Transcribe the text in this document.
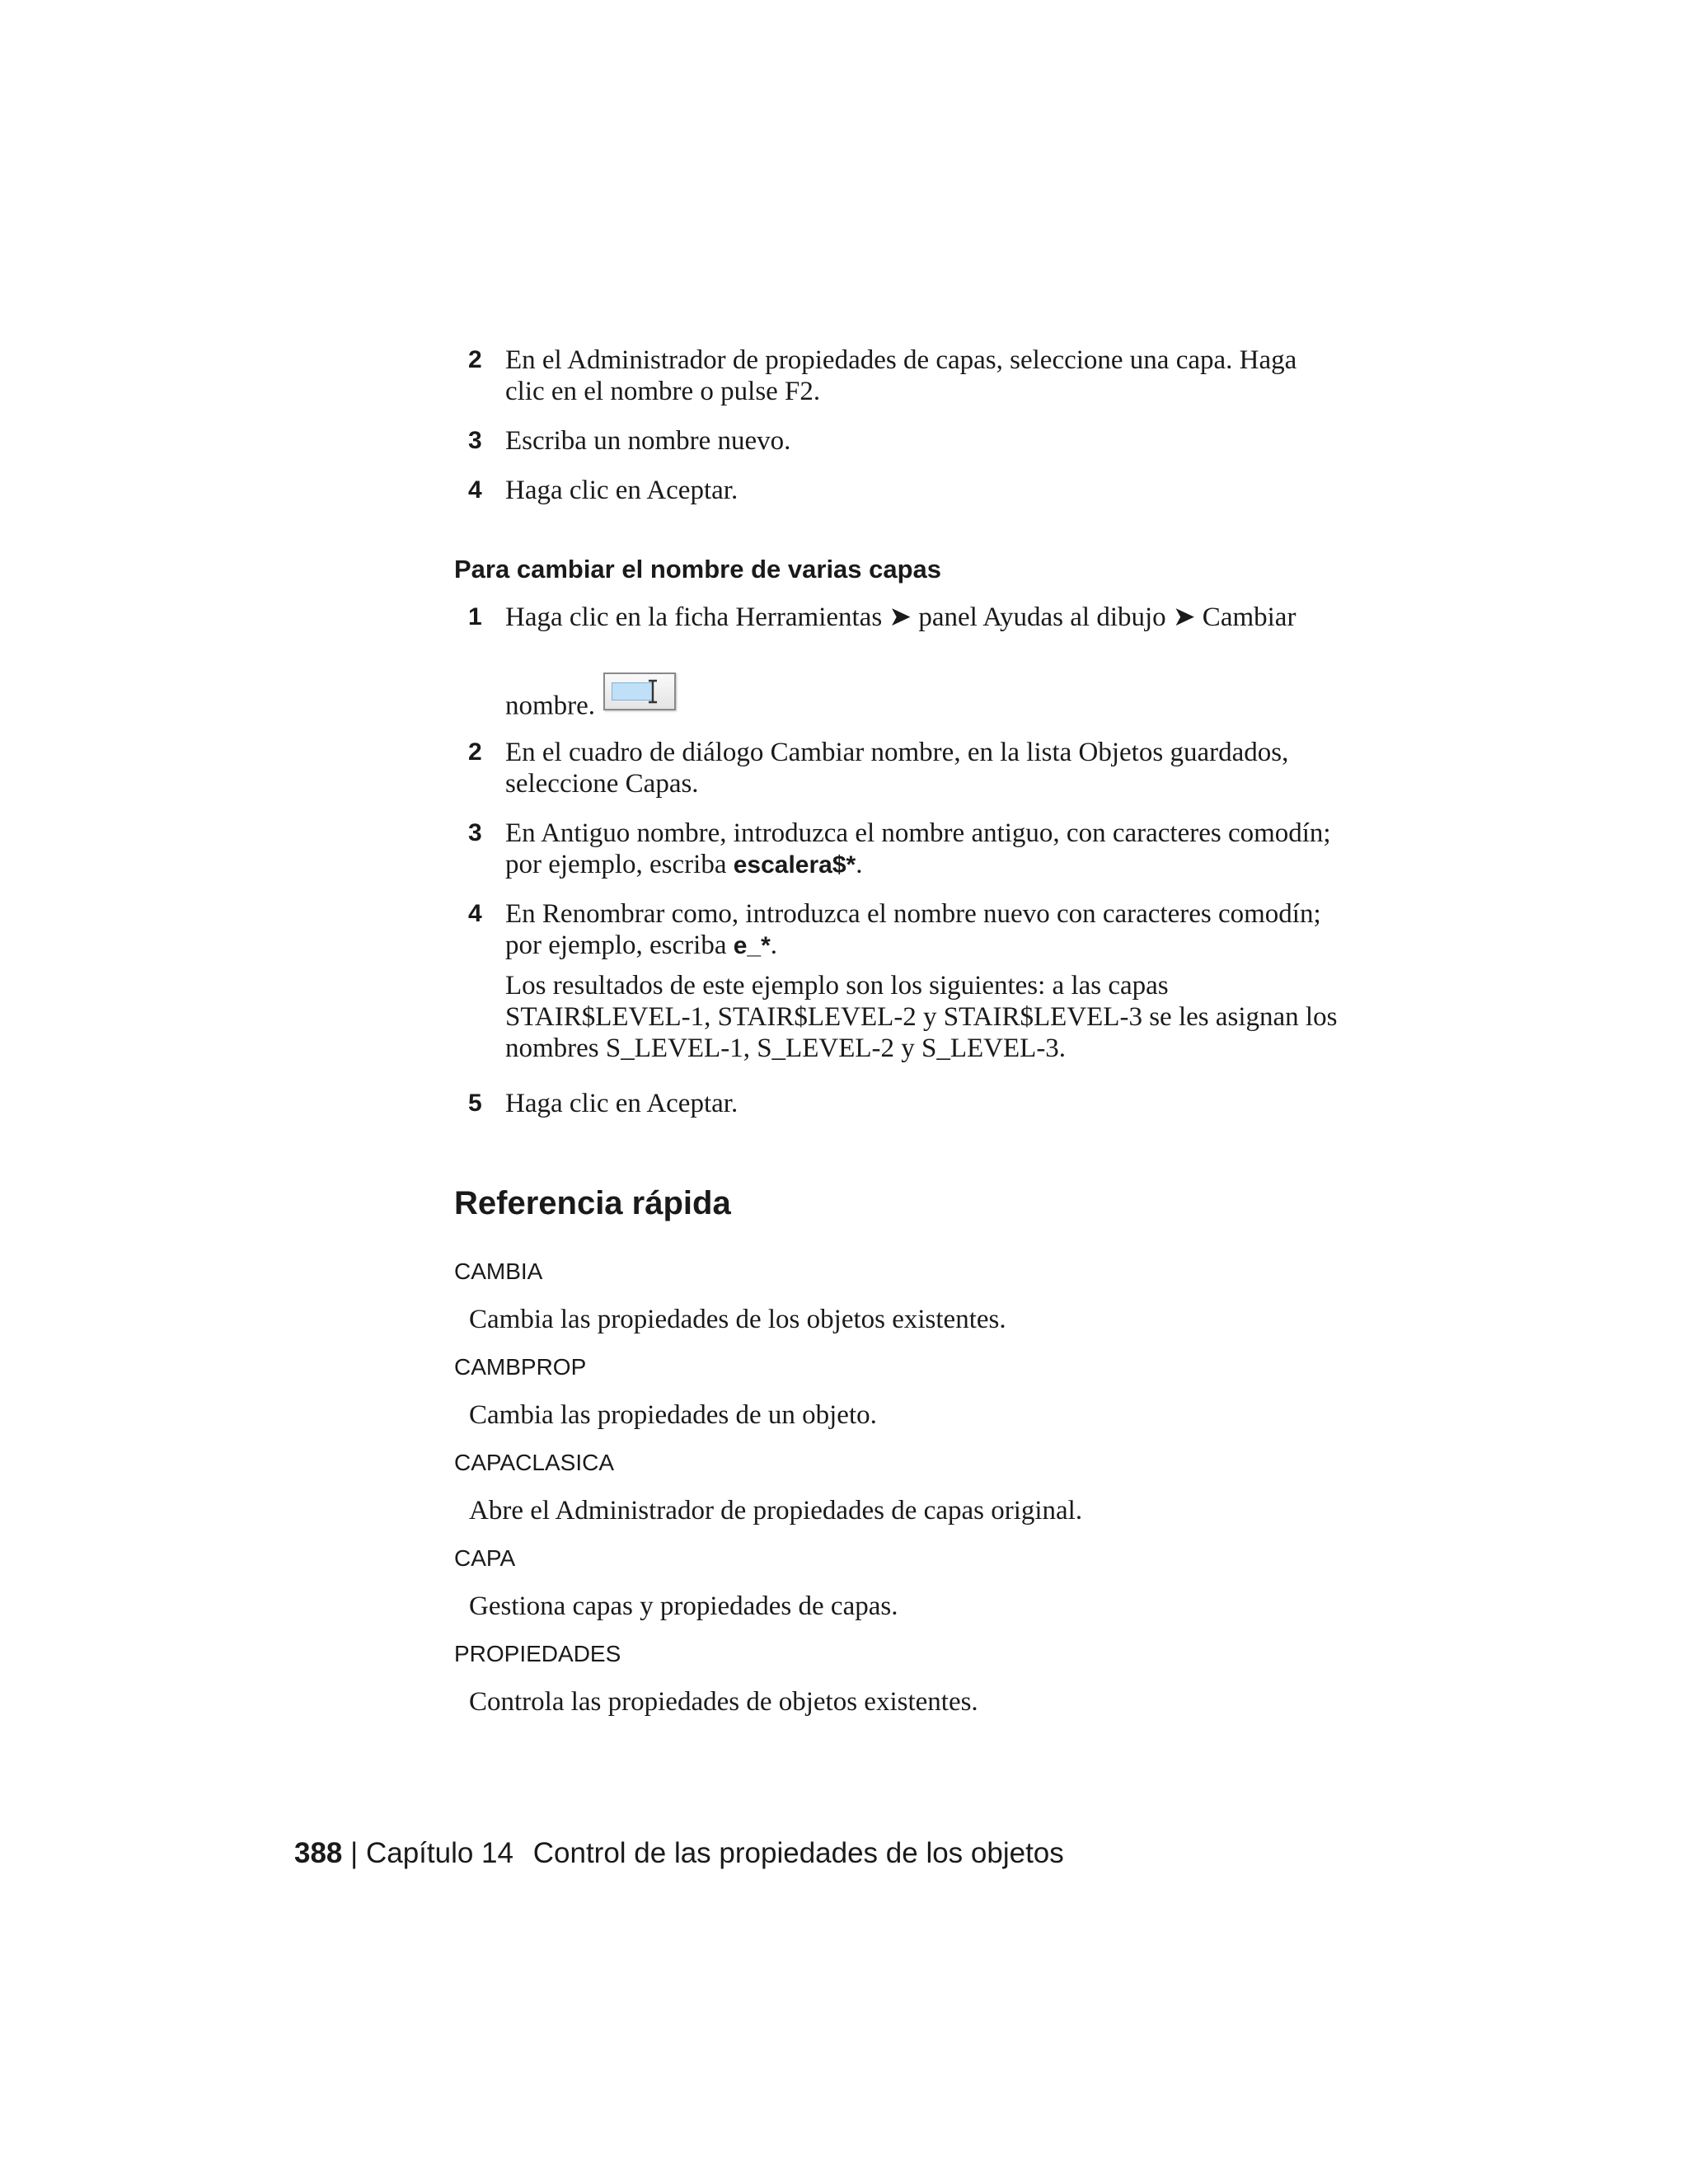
2 En el Administrador de propiedades de capas, seleccione una capa. Haga clic en el nombre o pulse F2.
3 Escriba un nombre nuevo.
4 Haga clic en Aceptar.
Para cambiar el nombre de varias capas
1 Haga clic en la ficha Herramientas ➤ panel Ayudas al dibujo ➤ Cambiar
nombre.
2 En el cuadro de diálogo Cambiar nombre, en la lista Objetos guardados, seleccione Capas.
3 En Antiguo nombre, introduzca el nombre antiguo, con caracteres comodín; por ejemplo, escriba escalera$*.
4 En Renombrar como, introduzca el nombre nuevo con caracteres comodín; por ejemplo, escriba e_*.
Los resultados de este ejemplo son los siguientes: a las capas STAIR$LEVEL-1, STAIR$LEVEL-2 y STAIR$LEVEL-3 se les asignan los nombres S_LEVEL-1, S_LEVEL-2 y S_LEVEL-3.
5 Haga clic en Aceptar.
Referencia rápida
CAMBIA
Cambia las propiedades de los objetos existentes.
CAMBPROP
Cambia las propiedades de un objeto.
CAPACLASICA
Abre el Administrador de propiedades de capas original.
CAPA
Gestiona capas y propiedades de capas.
PROPIEDADES
Controla las propiedades de objetos existentes.
388 | Capítulo 14 Control de las propiedades de los objetos
